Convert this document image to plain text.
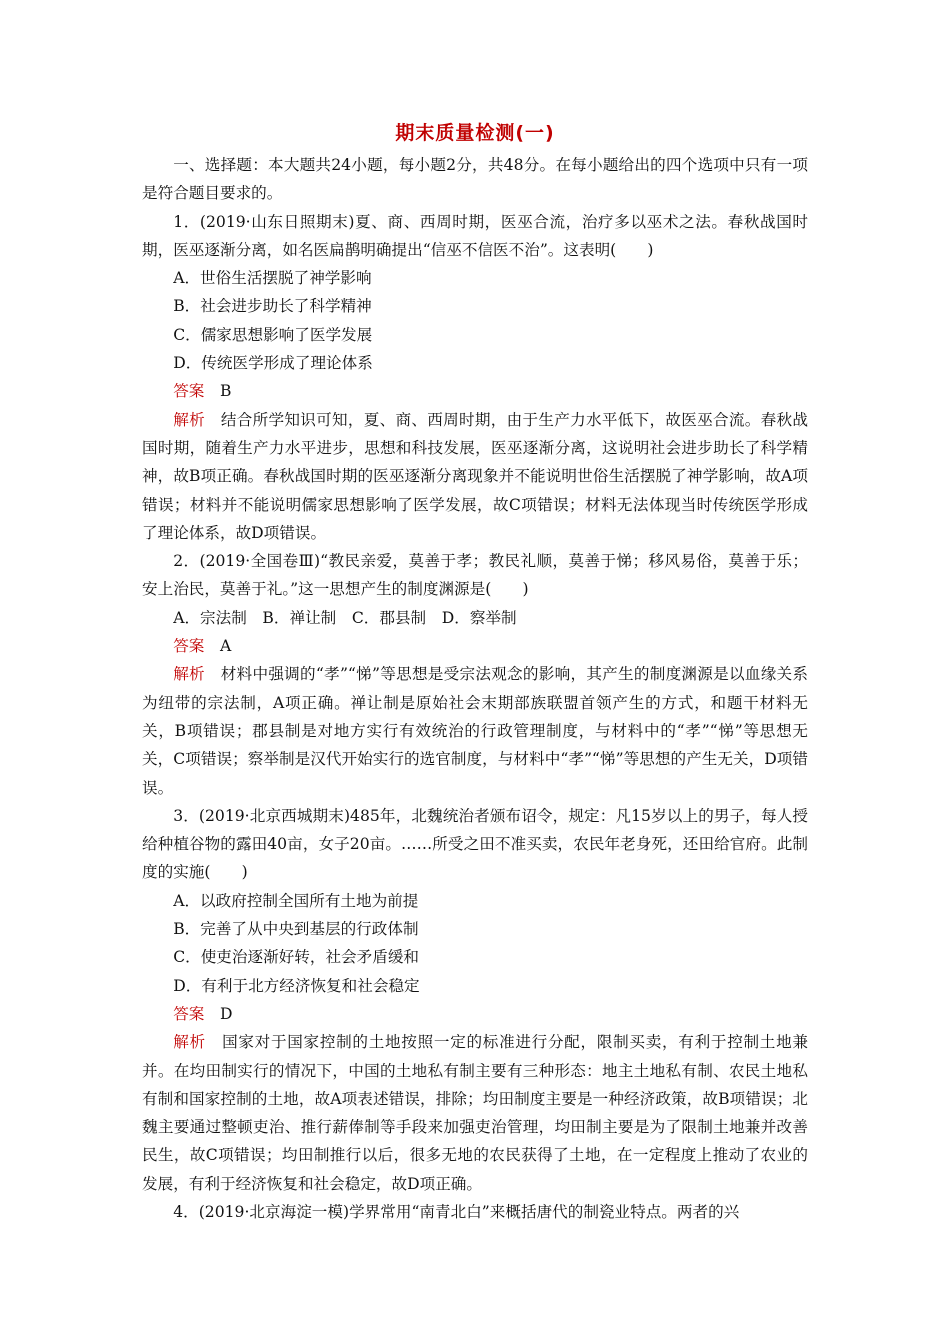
期末质量检测(一)

一、选择题：本大题共24小题，每小题2分，共48分。在每小题给出的四个选项中只有一项是符合题目要求的。

1．(2019·山东日照期末)夏、商、西周时期，医巫合流，治疗多以巫术之法。春秋战国时期，医巫逐渐分离，如名医扁鹊明确提出“信巫不信医不治”。这表明(　　)

A．世俗生活摆脱了神学影响

B．社会进步助长了科学精神

C．儒家思想影响了医学发展

D．传统医学形成了理论体系

答案　 B

解析　 结合所学知识可知，夏、商、西周时期，由于生产力水平低下，故医巫合流。春秋战国时期，随着生产力水平进步，思想和科技发展，医巫逐渐分离，这说明社会进步助长了科学精神，故B项正确。春秋战国时期的医巫逐渐分离现象并不能说明世俗生活摆脱了神学影响，故A项错误；材料并不能说明儒家思想影响了医学发展，故C项错误；材料无法体现当时传统医学形成了理论体系，故D项错误。

2．(2019·全国卷Ⅲ)“教民亲爱，莫善于孝；教民礼顺，莫善于悌；移风易俗，莫善于乐；安上治民，莫善于礼。”这一思想产生的制度渊源是(　　)

A．宗法制　B．禅让制　C．郡县制　D．察举制

答案　 A

解析　 材料中强调的“孝”“悌”等思想是受宗法观念的影响，其产生的制度渊源是以血缘关系为纽带的宗法制，A项正确。禅让制是原始社会末期部族联盟首领产生的方式，和题干材料无关，B项错误；郡县制是对地方实行有效统治的行政管理制度，与材料中的“孝”“悌”等思想无关，C项错误；察举制是汉代开始实行的选官制度，与材料中“孝”“悌”等思想的产生无关，D项错误。

3．(2019·北京西城期末)485年，北魏统治者颁布诏令，规定：凡15岁以上的男子，每人授给种植谷物的露田40亩，女子20亩。……所受之田不准买卖，农民年老身死，还田给官府。此制度的实施(　　)

A．以政府控制全国所有土地为前提

B．完善了从中央到基层的行政体制

C．使吏治逐渐好转，社会矛盾缓和

D．有利于北方经济恢复和社会稳定

答案　 D

解析　 国家对于国家控制的土地按照一定的标准进行分配，限制买卖，有利于控制土地兼并。在均田制实行的情况下，中国的土地私有制主要有三种形态：地主土地私有制、农民土地私有制和国家控制的土地，故A项表述错误，排除；均田制度主要是一种经济政策，故B项错误；北魏主要通过整顿吏治、推行薪俸制等手段来加强吏治管理，均田制主要是为了限制土地兼并改善民生，故C项错误；均田制推行以后，很多无地的农民获得了土地，在一定程度上推动了农业的发展，有利于经济恢复和社会稳定，故D项正确。

4．(2019·北京海淀一模)学界常用“南青北白”来概括唐代的制瓷业特点。两者的兴
